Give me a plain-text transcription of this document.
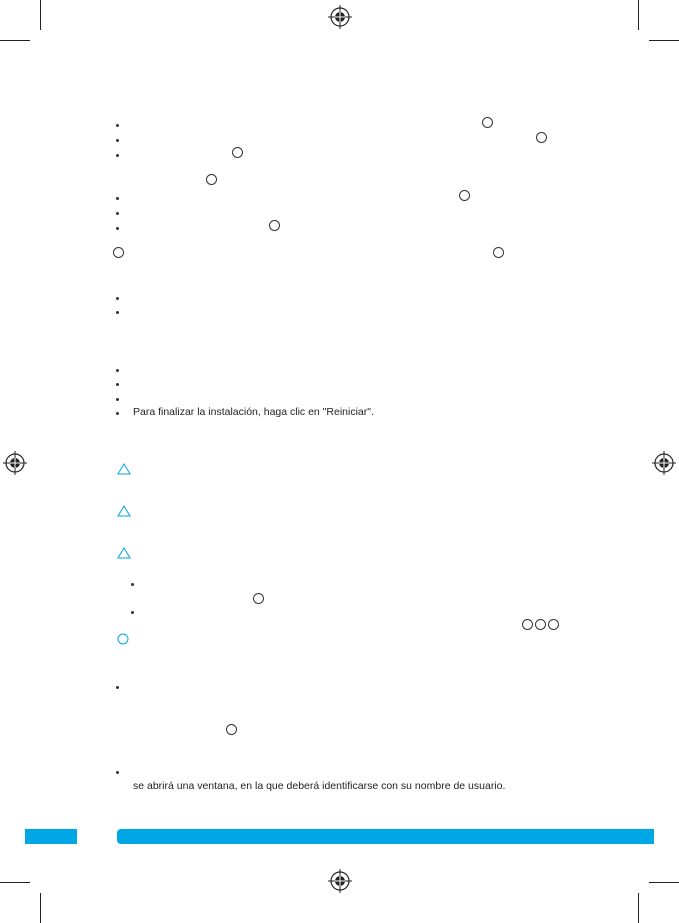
Para finalizar la instalación, haga clic en "Reiniciar".
se abrirá una ventana, en la que deberá identificarse con su nombre de usuario.
